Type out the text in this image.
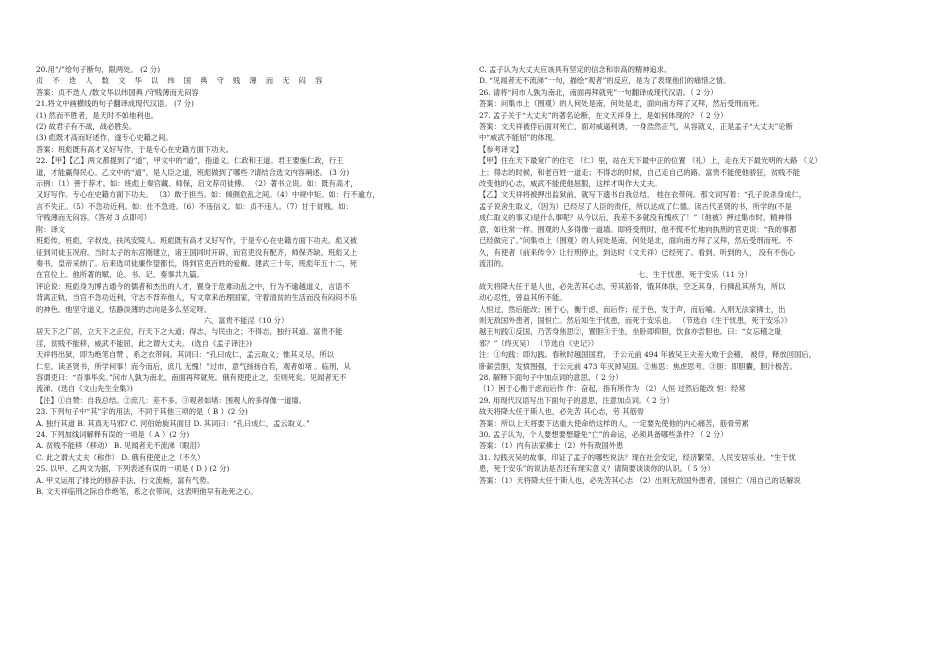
20.用“/”给句子断句，限两处。 (2 分)
贞 不 迭 人 数 文 华 以 纬 国 典 守 贱 薄 而 无 闷 容
答案：贞不迭人 /数文华以纬国典 /守贱薄而无闷容
21.将文中画横线的句子翻译成现代汉语。 (7 分)
(1) 然而不胜者，是天时不如地利也。
(2) 故君子有不战，战必胜矣。
(3) 彪既才高而好述作，遂专心史籍之间。
答案：班彪既有高才又好写作，于是专心在史籍方面下功夫。
22.【甲】【乙】两文都提到了“道”，甲文中的“道”，指道义，仁政和王道。君王要施仁政，行王
道，才能赢得民心。乙文中的“道”，是人臣之道，班彪做到了哪些 ?请结合选文内容阐述。 (3 分)
示例：（1）善于荐才。如：班彪上奏官藏、师保，启文荐司徒傅。 （2）著书立说。如：既有高才，
又好写作。专心在史籍方面下功夫。 （3）敢于担当。如：倾侧危乱之间。（4）中规中矩。如：行不逾方，
言不失正。（5）不急功近利。如：仕不急进。（6）不违信义。如：贞不违人。（7）甘于贫贱。如：
守贱薄而无闷容。（答对 3 点即可）
附：译文
班彪传，班彪，字叔皮，扶风安陵人。班彪既有高才又好写作，于是专心在史籍方面下功夫。彪又被
征到司徒玉况府。当时太子的东宫刚建立，诸王国同时开辟，而官吏没有配齐，师保齐缺。班彪又上
奏书，皇帝采纳了。后来选司徒廉作望都长，得到官吏百姓的爱戴。建武三十年，班彪年五十二，死
在官位上。他所著的赋、论、书、记、奏事共九篇。
评论说：班彪身为博古通今的儒者和杰出的人才，置身于危难动乱之中，行为不逾越道义，言语不
背离正轨，当官不急功近利，守志不背弃他人，写文章来治理国家，守着清贫的生活而没有闷闷不乐
的神色。他坚守道义，恬静淡薄的志向是多么坚定呀。
六、富贵不能淫（10 分）
居天下之广居，立天下之正位，行天下之大道；得志，与民由之；不得志，独行其道。富贵不能
淫，贫贱不能移，威武不能屈，此之谓大丈夫。 (选自《孟子译注》)
天祥将出狱，即为绝笔自赞 ，系之衣带间。其词曰：“孔曰成仁，孟云取义；惟其义尽，所以
仁至。读圣贤书，所学何事！而今而后，庶几 无愧！”过市，意气扬扬自若，观者如堵 。临刑，从
容谓吏曰：“吾事毕矣。”问市人孰为南北，南面再拜就死。俄有使使止之，至则死矣。见闻者无不
流涕。(选自《文山先生全集》)
【注】①自赞：自我总结。②庶几：差不多。③观者如堵：围观人的多得像一道墙。
23. 下列句子中“其”字的用法，不同于其他三项的是（ B ）(2 分)
A. 独行其道 B. 其真无马邪? C. 河伯始旋其面目 D. 其词曰：“孔曰成仁，孟云取义。”
24. 下列加线词解释有误的一项是（ A ）(2 分)
A. 贫贱不能移（移动） B. 见闻者无不流涕（眼泪）
C. 此之谓大丈夫（称作） D. 俄有使使止之（不久）
25. 以甲、乙两文为据，下列表述有误的一项是 ( D ) (2 分)
A. 甲文运用了排比的修辞手法，行文流畅，富有气势。
B. 文天祥临刑之际自作绝笔，系之衣带间，这表明他早有赴死之心。
C. 孟子认为大丈夫应该具有坚定的信念和崇高的精神追求。
D. “见闻者无不流涕”一句，描绘“观者”的反应，是为了表现他们的痛惜之情。
26. 请将“问市人孰为南北，南面再拜就死”一句翻译成现代汉语。（ 2 分）
答案：问集市上（围观）的人何处是南，何处是北，面向南方拜了又拜，然后受刑而死。
27. 孟子关于“大丈夫”的著名论断，在文天祥身上，是如何体现的? （ 2 分）
答案：文天祥被俘后面对死亡，面对威逼利诱，一身浩然正气，从容就义，正是孟子“大丈夫”论断
中“威武不能屈”的体现。
【参考译文】
【甲】住在天下最宽广的住宅 （仁）里，站在天下最中正的位置 （礼）上，走在天下最光明的大路 （义）
上；得志的时候，和老百姓一道走；不得志的时候，自己走自己的路。富贵不能使他骄狂，贫贱不能
改变他的心志，威武不能使他屈服，这样才叫作大丈夫。
【乙】文天祥将被押出监狱前，就写下遗书自我总结， 桂在衣带间。那文词写着：“孔子说杀身成仁，
孟子说舍生取义，（因为）已经尽了人臣的责任，所以达成了仁德。读古代圣贤的书，所学的(不是
成仁取义的事又)是什么事呢？从今以后，我差不多就没有愧疚了！”（他被）押过集市时，精神得
意，如往常一样。围观的人多得像一道墙。即将受刑时，他不慌不忙地向执刑的官吏说：“我的事都
已经做完了。”问集市上（围观）的人何处是南，何处是北，面向南方拜了又拜，然后受刑而死。不
久，有使者（前来传令）让行刑停止，到达时（文天祥）已经死了。看到、听到的人， 没有不伤心
流泪的。
七、生于忧患，死于安乐（11 分）
故天将降大任于是人也，必先苦其心志，劳其筋骨，饿其体肤，空乏其身，行拂乱其所为，所以
动心忍性，曾益其所不能。
人恒过，然后能改；困于心，衡于虑，而后作；征于色，发于声，而后喻。入则无法家拂士，出
则无敌国外患者，国恒亡。然后知生于忧患，而死于安乐也。 （节选自《生于忧患，死于安乐》）
越王句践①反国，乃苦身焦思②，置胆③于坐，坐卧即仰胆，饮食亦尝胆也。曰：“女忘稽之耻
邪？”（终灭吴） （节选自《史记》）
注：①句践：即勾践。春秋时越国国君， 于公元前 494 年被吴王夫差大败于会稽， 被俘，释放回国后，
卧薪尝胆，发愤图强，于公元前 473 年灭掉吴国。②焦思：焦虑思考。③胆：即胆囊，胆汁极苦。
28. 解释下面句子中加点词的意思。（ 2 分）
（1）困于心衡于虑而后作 作：奋起，指有所作为 （2）人恒 过然后能改 恒：经常
29. 用现代汉语写出下面句子的意思，注意加点词。（ 2 分）
故天将降大任于斯人也，必先苦 其心志，劳 其筋骨
答案：所以上天将要下达重大使命给这样的人，一定要先使他的内心痛苦，筋骨劳累
30. 孟子认为，个人要想要想避免“亡”的命运，必须具备哪些条件? （ 2 分）
答案：（1）内有法家拂士（2）外有敌国外患
31. 勾践灭吴的故事，印证了孟子的哪些说法？现在社会安定，经济繁荣，人民安居乐业。“生于忧
患，死于安乐”的说法是否还有现实意义？请简要谈谈你的认识。（ 5 分）
答案：（1）天将降大任于斯人也，必先苦其心志 （2）出则无敌国外患者，国恒亡（用自己的话解说
